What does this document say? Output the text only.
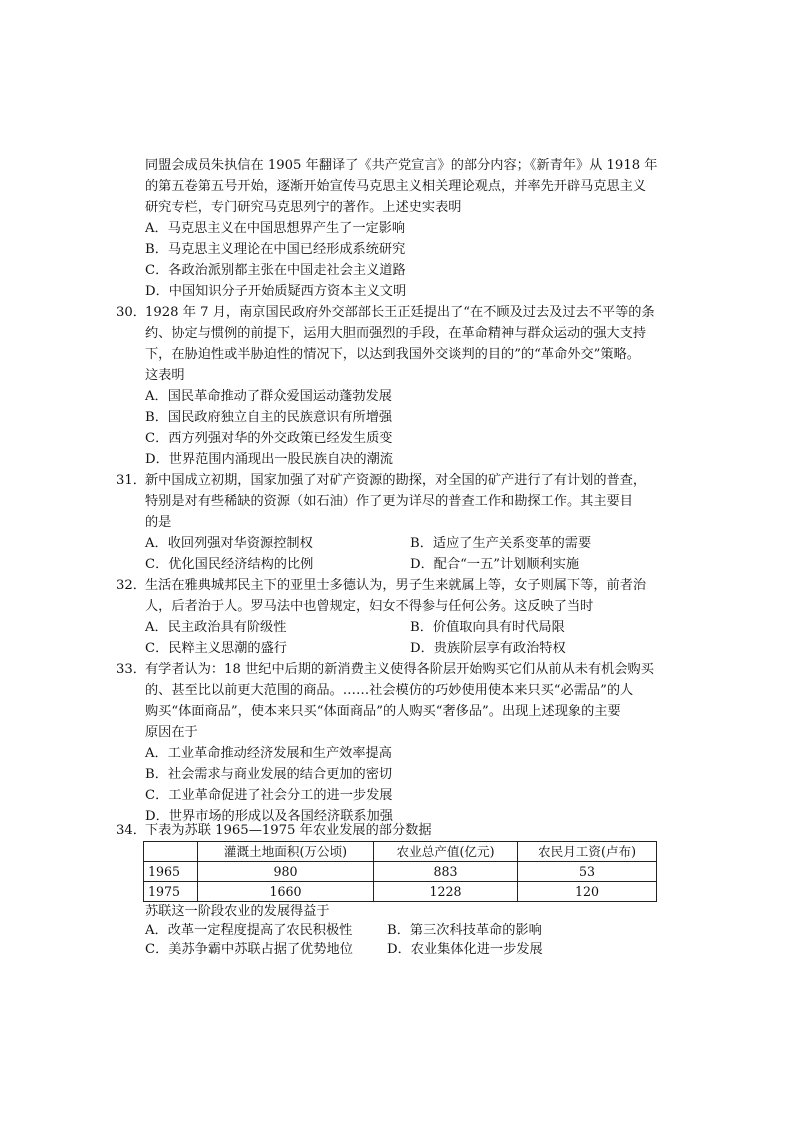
同盟会成员朱执信在 1905 年翻译了《共产党宣言》的部分内容；《新青年》从 1918 年
的第五卷第五号开始，逐渐开始宣传马克思主义相关理论观点，并率先开辟马克思主义
研究专栏，专门研究马克思列宁的著作。上述史实表明
A．马克思主义在中国思想界产生了一定影响
B．马克思主义理论在中国已经形成系统研究
C．各政治派别都主张在中国走社会主义道路
D．中国知识分子开始质疑西方资本主义文明
30． 1928 年 7 月，南京国民政府外交部部长王正廷提出了“在不顾及过去及过去不平等的条
约、协定与惯例的前提下，运用大胆而强烈的手段，在革命精神与群众运动的强大支持
下，在胁迫性或半胁迫性的情况下，以达到我国外交谈判的目的”的“革命外交”策略。
这表明
A．国民革命推动了群众爱国运动蓬勃发展
B．国民政府独立自主的民族意识有所增强
C．西方列强对华的外交政策已经发生质变
D．世界范围内涌现出一股民族自决的潮流
31． 新中国成立初期，国家加强了对矿产资源的勘探，对全国的矿产进行了有计划的普查，
特别是对有些稀缺的资源（如石油）作了更为详尽的普查工作和勘探工作。其主要目
的是
A．收回列强对华资源控制权	B．适应了生产关系变革的需要
C．优化国民经济结构的比例	D．配合“一五”计划顺利实施
32． 生活在雅典城邦民主下的亚里士多德认为，男子生来就属上等，女子则属下等，前者治
人，后者治于人。罗马法中也曾规定，妇女不得参与任何公务。这反映了当时
A．民主政治具有阶级性	B．价值取向具有时代局限
C．民粹主义思潮的盛行	D．贵族阶层享有政治特权
33． 有学者认为：18 世纪中后期的新消费主义使得各阶层开始购买它们从前从未有机会购买
的、甚至比以前更大范围的商品。……社会模仿的巧妙使用使本来只买“必需品”的人
购买“体面商品”，使本来只买“体面商品”的人购买“奢侈品”。出现上述现象的主要
原因在于
A．工业革命推动经济发展和生产效率提高
B．社会需求与商业发展的结合更加的密切
C．工业革命促进了社会分工的进一步发展
D．世界市场的形成以及各国经济联系加强
34． 下表为苏联 1965—1975 年农业发展的部分数据
	灌溉土地面积(万公顷)	农业总产值(亿元)	农民月工资(卢布)
1965	980	883	53
1975	1660	1228	120
苏联这一阶段农业的发展得益于
A．改革一定程度提高了农民积极性	B．第三次科技革命的影响
C．美苏争霸中苏联占据了优势地位	D．农业集体化进一步发展
